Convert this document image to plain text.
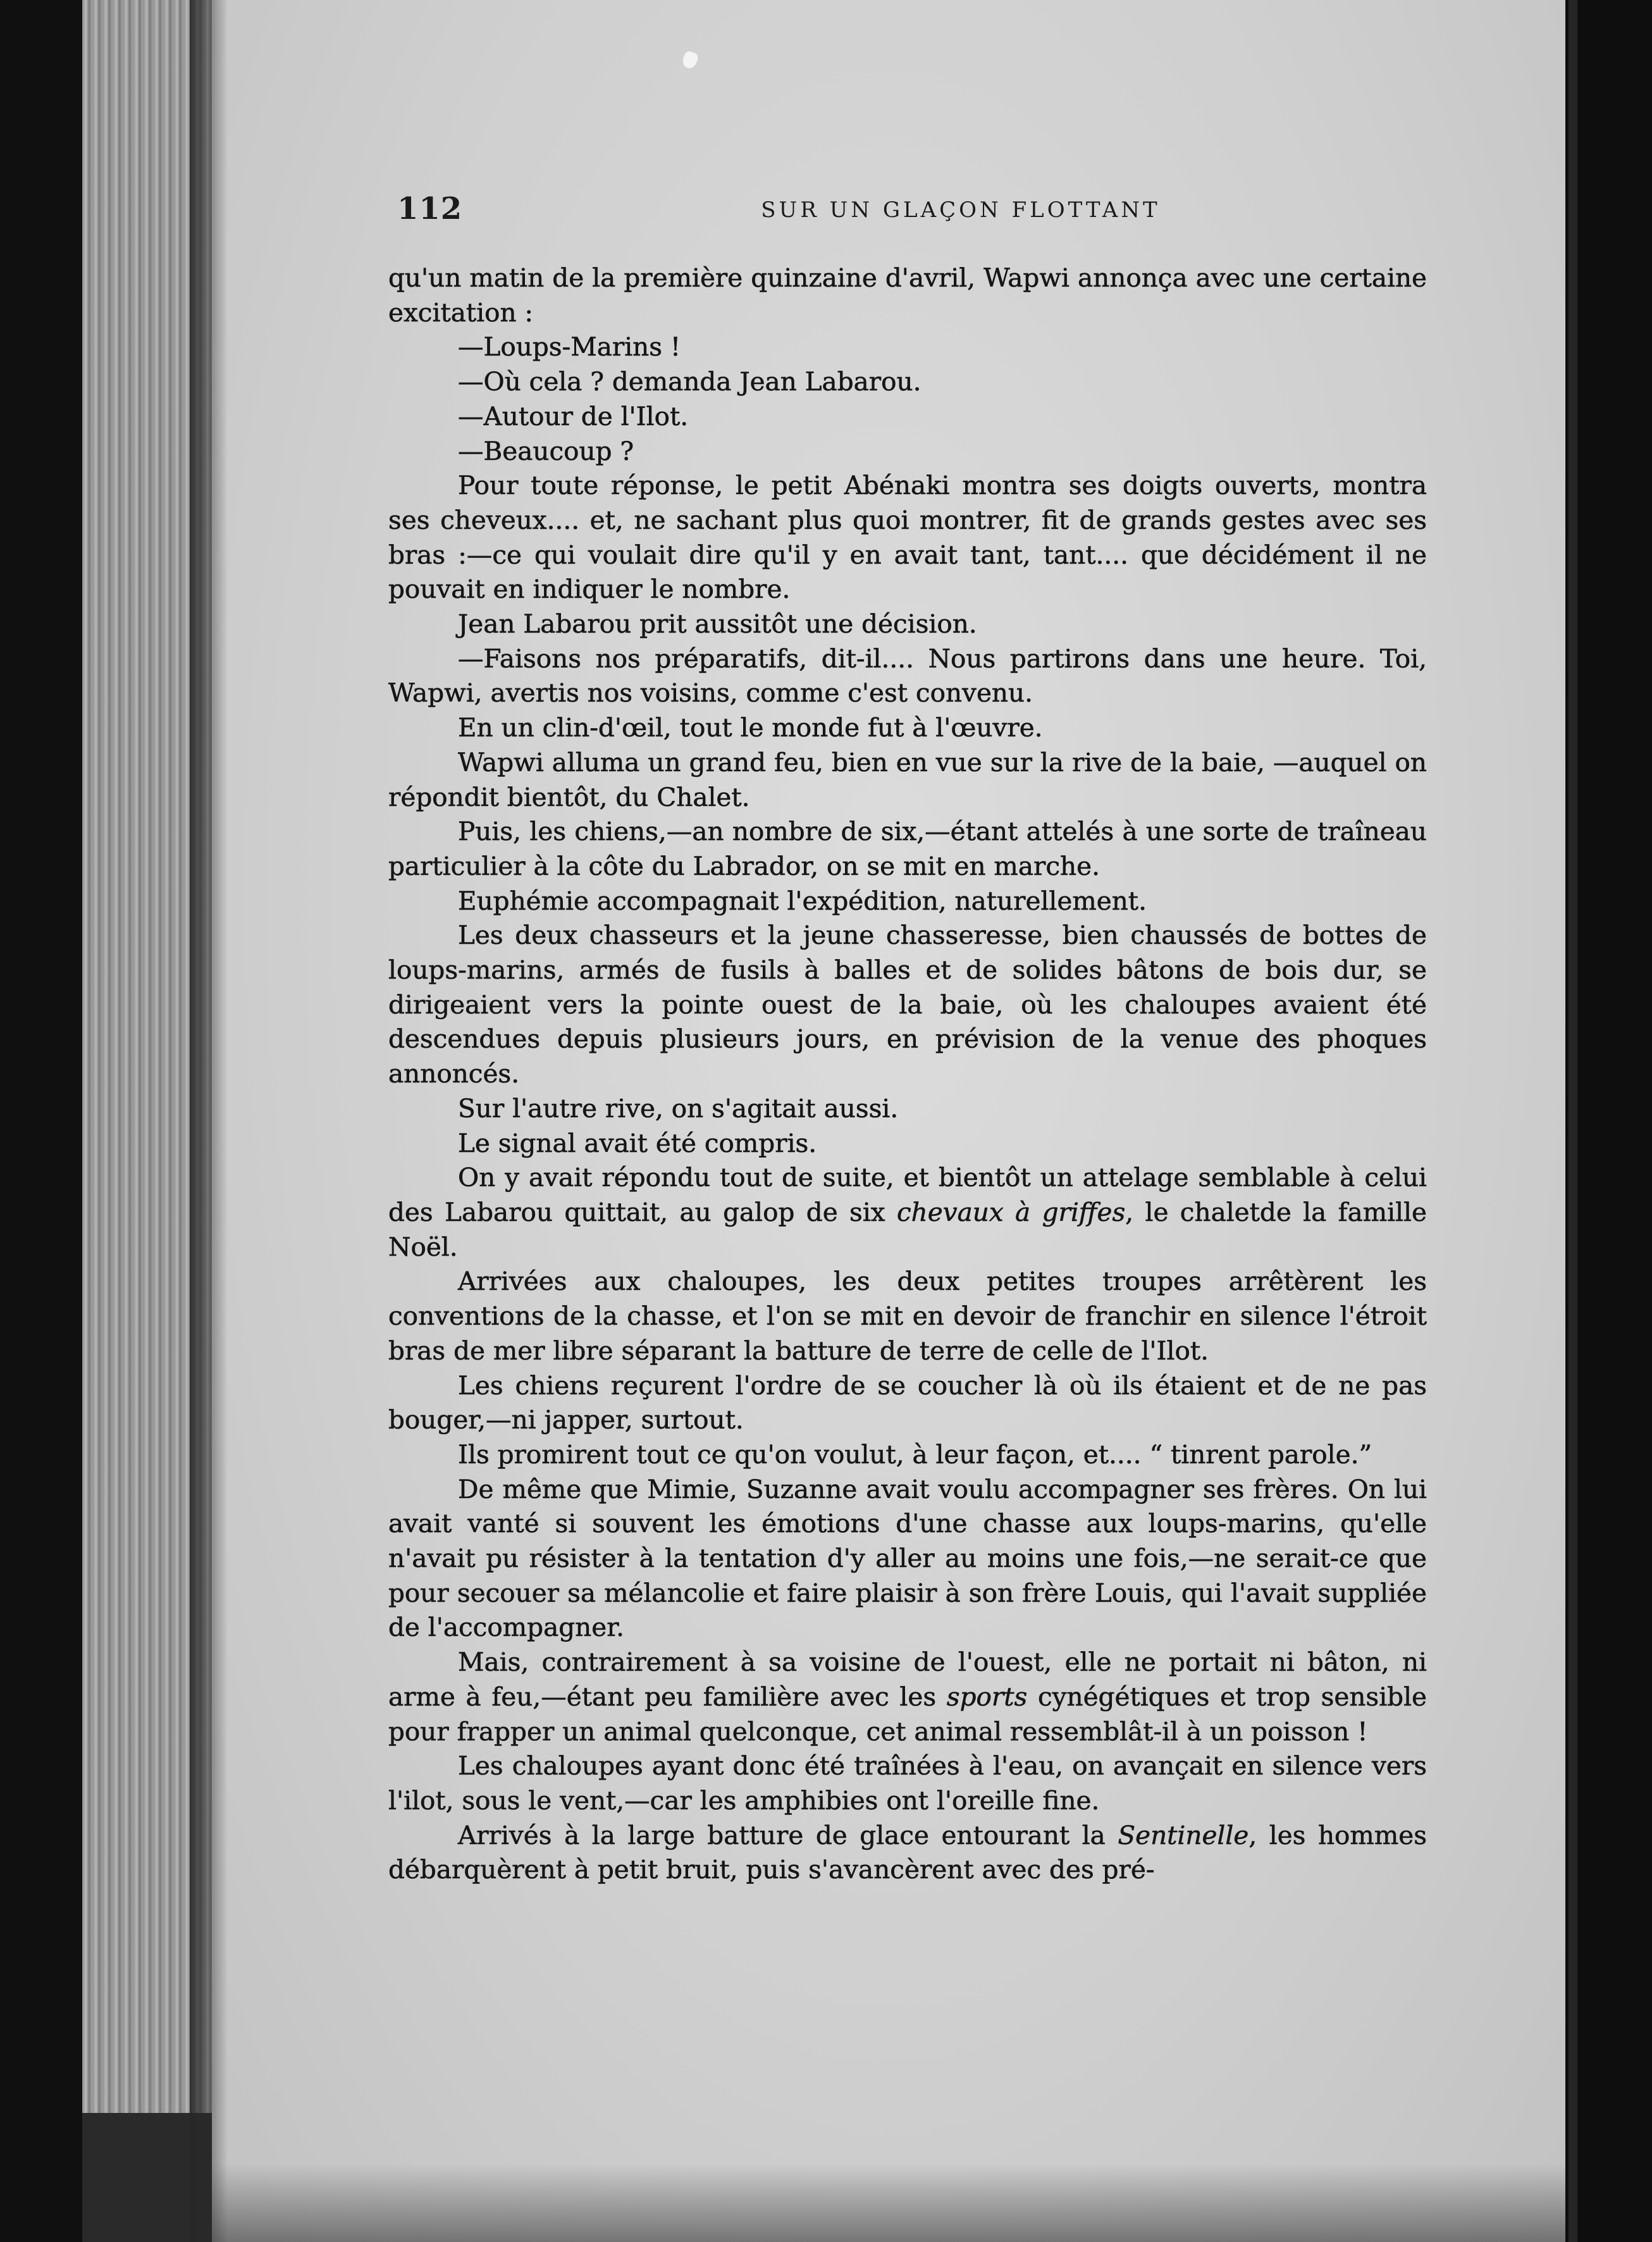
112	SUR UN GLAÇON FLOTTANT

qu'un matin de la première quinzaine d'avril, Wapwi annonça avec une certaine excitation :

—Loups-Marins !

—Où cela ? demanda Jean Labarou.

—Autour de l'Ilot.

—Beaucoup ?

Pour toute réponse, le petit Abénaki montra ses doigts ouverts, montra ses cheveux.... et, ne sachant plus quoi montrer, fit de grands gestes avec ses bras :—ce qui voulait dire qu'il y en avait tant, tant.... que décidément il ne pouvait en indiquer le nombre.

Jean Labarou prit aussitôt une décision.

—Faisons nos préparatifs, dit-il.... Nous partirons dans une heure. Toi, Wapwi, avertis nos voisins, comme c'est convenu.

En un clin-d'œil, tout le monde fut à l'œuvre.

Wapwi alluma un grand feu, bien en vue sur la rive de la baie, —auquel on répondit bientôt, du Chalet.

Puis, les chiens,—an nombre de six,—étant attelés à une sorte de traîneau particulier à la côte du Labrador, on se mit en marche.

Euphémie accompagnait l'expédition, naturellement.

Les deux chasseurs et la jeune chasseresse, bien chaussés de bottes de loups-marins, armés de fusils à balles et de solides bâtons de bois dur, se dirigeaient vers la pointe ouest de la baie, où les chaloupes avaient été descendues depuis plusieurs jours, en prévision de la venue des phoques annoncés.

Sur l'autre rive, on s'agitait aussi.

Le signal avait été compris.

On y avait répondu tout de suite, et bientôt un attelage semblable à celui des Labarou quittait, au galop de six chevaux à griffes, le chaletde la famille Noël.

Arrivées aux chaloupes, les deux petites troupes arrêtèrent les conventions de la chasse, et l'on se mit en devoir de franchir en silence l'étroit bras de mer libre séparant la batture de terre de celle de l'Ilot.

Les chiens reçurent l'ordre de se coucher là où ils étaient et de ne pas bouger,—ni japper, surtout.

Ils promirent tout ce qu'on voulut, à leur façon, et.... “ tinrent parole.”

De même que Mimie, Suzanne avait voulu accompagner ses frères. On lui avait vanté si souvent les émotions d'une chasse aux loups-marins, qu'elle n'avait pu résister à la tentation d'y aller au moins une fois,—ne serait-ce que pour secouer sa mélancolie et faire plaisir à son frère Louis, qui l'avait suppliée de l'accompagner.

Mais, contrairement à sa voisine de l'ouest, elle ne portait ni bâton, ni arme à feu,—étant peu familière avec les sports cynégétiques et trop sensible pour frapper un animal quelconque, cet animal ressemblât-il à un poisson !

Les chaloupes ayant donc été traînées à l'eau, on avançait en silence vers l'ilot, sous le vent,—car les amphibies ont l'oreille fine.

Arrivés à la large batture de glace entourant la Sentinelle, les hommes débarquèrent à petit bruit, puis s'avancèrent avec des pré-
